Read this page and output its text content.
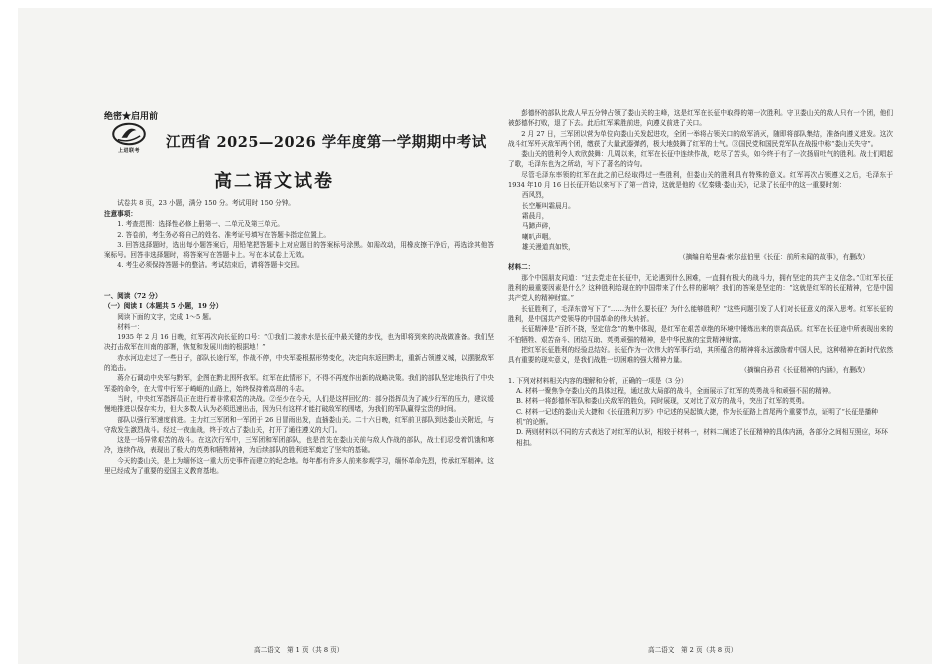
绝密★启用前
上进联考	江西省 2025—2026 学年度第一学期期中考试
高二语文试卷

试卷共 8 页，23 小题，满分 150 分。考试用时 150 分钟。

注意事项：

1. 考查范围：选择性必修上册第一、二单元及第三单元。

2. 答卷前，考生务必将自己的姓名、准考证号填写在答题卡指定位置上。

3. 回答选择题时，选出每小题答案后，用铅笔把答题卡上对应题目的答案标号涂黑。如需改动，用橡皮擦干净后，再选涂其他答案标号。回答非选择题时，将答案写在答题卡上。写在本试卷上无效。

4. 考生必须保持答题卡的整洁。考试结束后，请将答题卡交回。

一、阅读（72 分）

（一）阅读 Ⅰ（本题共 5 小题，19 分）

阅读下面的文字，完成 1～5 题。

材料一：

1935 年 2 月 16 日晚，红军再次向长征的口号：“①我们二渡赤水是长征中最关键的步伐，也为即将到来的决战做准备。我们坚决打击敌军在川南的部署，恢复和发展川南的根据地！”

赤水河边走过了一些日子，部队长途行军，作战不停，中央军委根据形势变化，决定向东返回黔北，重新占领遵义城，以摆脱敌军的追击。

蒋介石调动中央军与黔军，企图在黔北围歼我军。红军在此情形下，不得不再度作出新的战略决策。我们的部队坚定地执行了中央军委的命令，在大雪中行军于崎岖的山路上，始终保持着高昂的斗志。

当时，中央红军指挥员正在进行着非常艰苦的决战。②至少在今天，人们是这样回忆的：部分指挥员为了减少行军的压力，建议缓慢地推进以保存实力，但大多数人认为必须迅速出击，因为只有这样才能打破敌军的围堵，为我们的军队赢得宝贵的时间。

部队以强行军速度前进。主力红三军团和一军团于 26 日冒雨出发，直插娄山关。二十六日晚，红军前卫部队到达娄山关附近，与守敌发生激烈战斗。经过一夜血战，终于攻占了娄山关，打开了通往遵义的大门。

这是一场异常艰苦的战斗。在这次行军中，三军团和军团部队，也是首先在娄山关前与敌人作战的部队，战士们忍受着饥饿和寒冷，连续作战，表现出了极大的英勇和牺牲精神，为后续部队的胜利进军奠定了坚实的基础。

今天的娄山关，是上为缅怀这一重大历史事件而建立的纪念地。每年都有许多人前来参观学习，缅怀革命先烈，传承红军精神。这里已经成为了重要的爱国主义教育基地。

高二语文　第 1 页（共 8 页）

彭德怀的部队比敌人早五分钟占领了娄山关的主峰，这是红军在长征中取得的第一次胜利。守卫娄山关的敌人只有一个团，他们被彭德怀打败，退了下去。此后红军乘胜前进，向遵义前进了关口。

2 月 27 日，三军团以营为单位向娄山关发起进攻，全团一举将占领关口的敌军消灭，随即将部队集结，准备向遵义进发。这次战斗红军歼灭敌军两个团，缴获了大量武器弹药，极大地鼓舞了红军的士气。③国民党和国民党军队在战报中称“娄山关失守”。

娄山关的胜利令人欢欣鼓舞：几周以来，红军在长征中连续作战，吃尽了苦头，如今终于有了一次扬眉吐气的胜利。战士们唱起了歌，毛泽东也为之所动，写下了著名的诗句。

尽管毛泽东率领的红军在此之前已经取得过一些胜利，但娄山关的胜利具有特殊的意义。红军再次占领遵义之后，毛泽东于 1934 年10 月 16 日长征开始以来写下了第一首诗，这就是他的《忆秦娥·娄山关》，记录了长征中的这一重要时刻：

西风烈，
长空雁叫霜晨月。
霜晨月，
马蹄声碎，
喇叭声咽。
雄关漫道真如铁，
（摘编自哈里森·索尔兹伯里《长征：前所未闻的故事》，有删改）
材料二：

那个中国朋友问道：“过去党走在长征中，无论遇到什么困难，一直拥有极大的战斗力，拥有坚定的共产主义信念。”①红军长征胜利的最重要因素是什么？这种胜利给现在的中国带来了什么样的影响？我们的答案是坚定的：“这就是红军的长征精神，它是中国共产党人的精神财富。”

长征胜利了，毛泽东曾写下了“……为什么要长征？为什么能够胜利？”这些问题引发了人们对长征意义的深入思考。红军长征的胜利，是中国共产党领导的中国革命的伟大转折。

长征精神是“百折不挠，坚定信念”的集中体现，是红军在艰苦卓绝的环境中锤炼出来的崇高品质。红军在长征途中所表现出来的不怕牺牲、艰苦奋斗、团结互助、英勇顽强的精神，是中华民族的宝贵精神财富。

把红军长征胜利的经验总结好。长征作为一次伟大的军事行动，其所蕴含的精神将永远激励着中国人民，这种精神在新时代依然具有重要的现实意义，是我们战胜一切困难的强大精神力量。

（摘编自孙君《长征精神的内涵》，有删改）

1. 下列对材料相关内容的理解和分析，正确的一项是（3 分）

A. 材料一聚焦争夺娄山关的具体过程，通过放大局部的战斗，全面展示了红军的英勇战斗和顽强不屈的精神。

B. 材料一将彭德怀军队和娄山关敌军的胜负，同时展现，又对比了双方的战斗，突出了红军的英勇。

C. 材料一记述的娄山关大捷和《长征胜利万岁》中记述的吴起镇大捷，作为长征路上首尾两个重要节点，证明了“长征是播种机”的论断。

D. 两则材料以不同的方式表达了对红军的认识，相较于材料一，材料二阐述了长征精神的具体内涵，各部分之间相互照应，环环相扣。

高二语文　第 2 页（共 8 页）
